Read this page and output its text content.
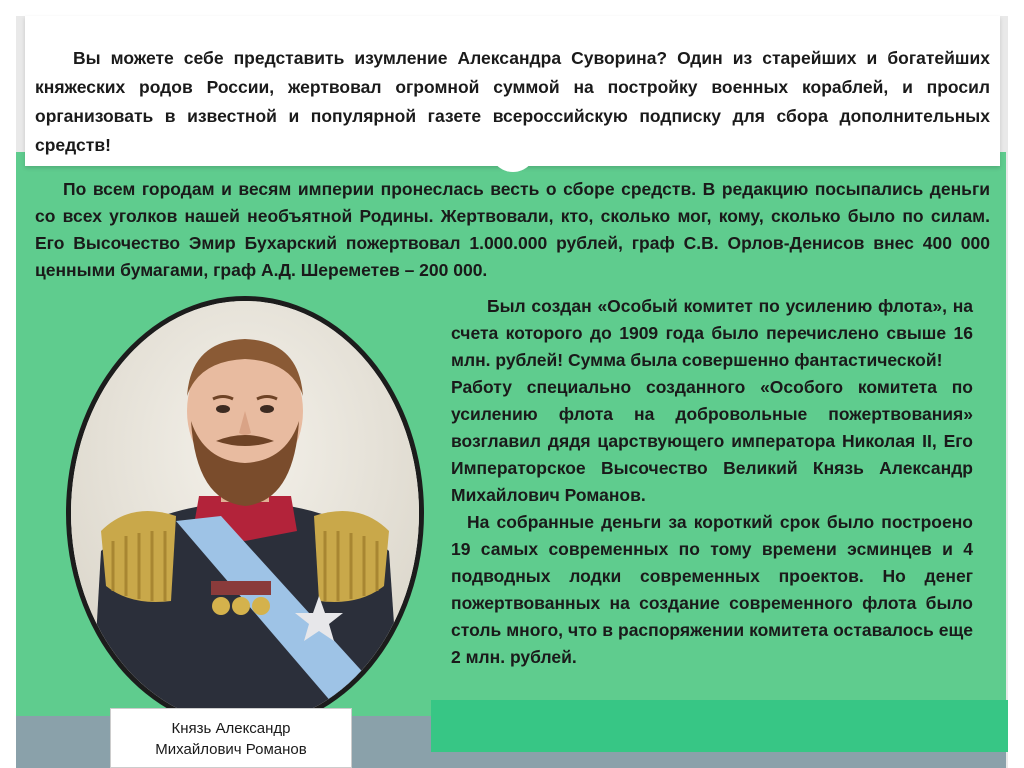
Вы можете себе представить изумление Александра Суворина? Один из старейших и богатейших княжеских родов России, жертвовал огромной суммой на постройку военных кораблей, и просил организовать в известной и популярной газете всероссийскую подписку для сбора дополнительных средств!

По всем городам и весям империи пронеслась весть о сборе средств. В редакцию посыпались деньги со всех уголков нашей необъятной Родины. Жертвовали, кто, сколько мог, кому, сколько было по силам. Его Высочество Эмир Бухарский пожертвовал 1.000.000 рублей, граф С.В. Орлов-Денисов внес 400 000 ценными бумагами, граф А.Д. Шереметев – 200 000.

Был создан «Особый комитет по усилению флота», на счета которого до 1909 года было перечислено свыше 16 млн. рублей! Сумма была совершенно фантастической!

Работу специально созданного «Особого комитета по усилению флота на добровольные пожертвования» возглавил дядя царствующего императора Николая II, Его Императорское Высочество Великий Князь Александр Михайлович Романов.

На собранные деньги за короткий срок было построено 19 самых современных по тому времени эсминцев и 4 подводных лодки современных проектов. Но денег пожертвованных на создание современного флота было столь много, что в распоряжении комитета оставалось еще 2 млн. рублей.

Князь Александр
Михайлович Романов
